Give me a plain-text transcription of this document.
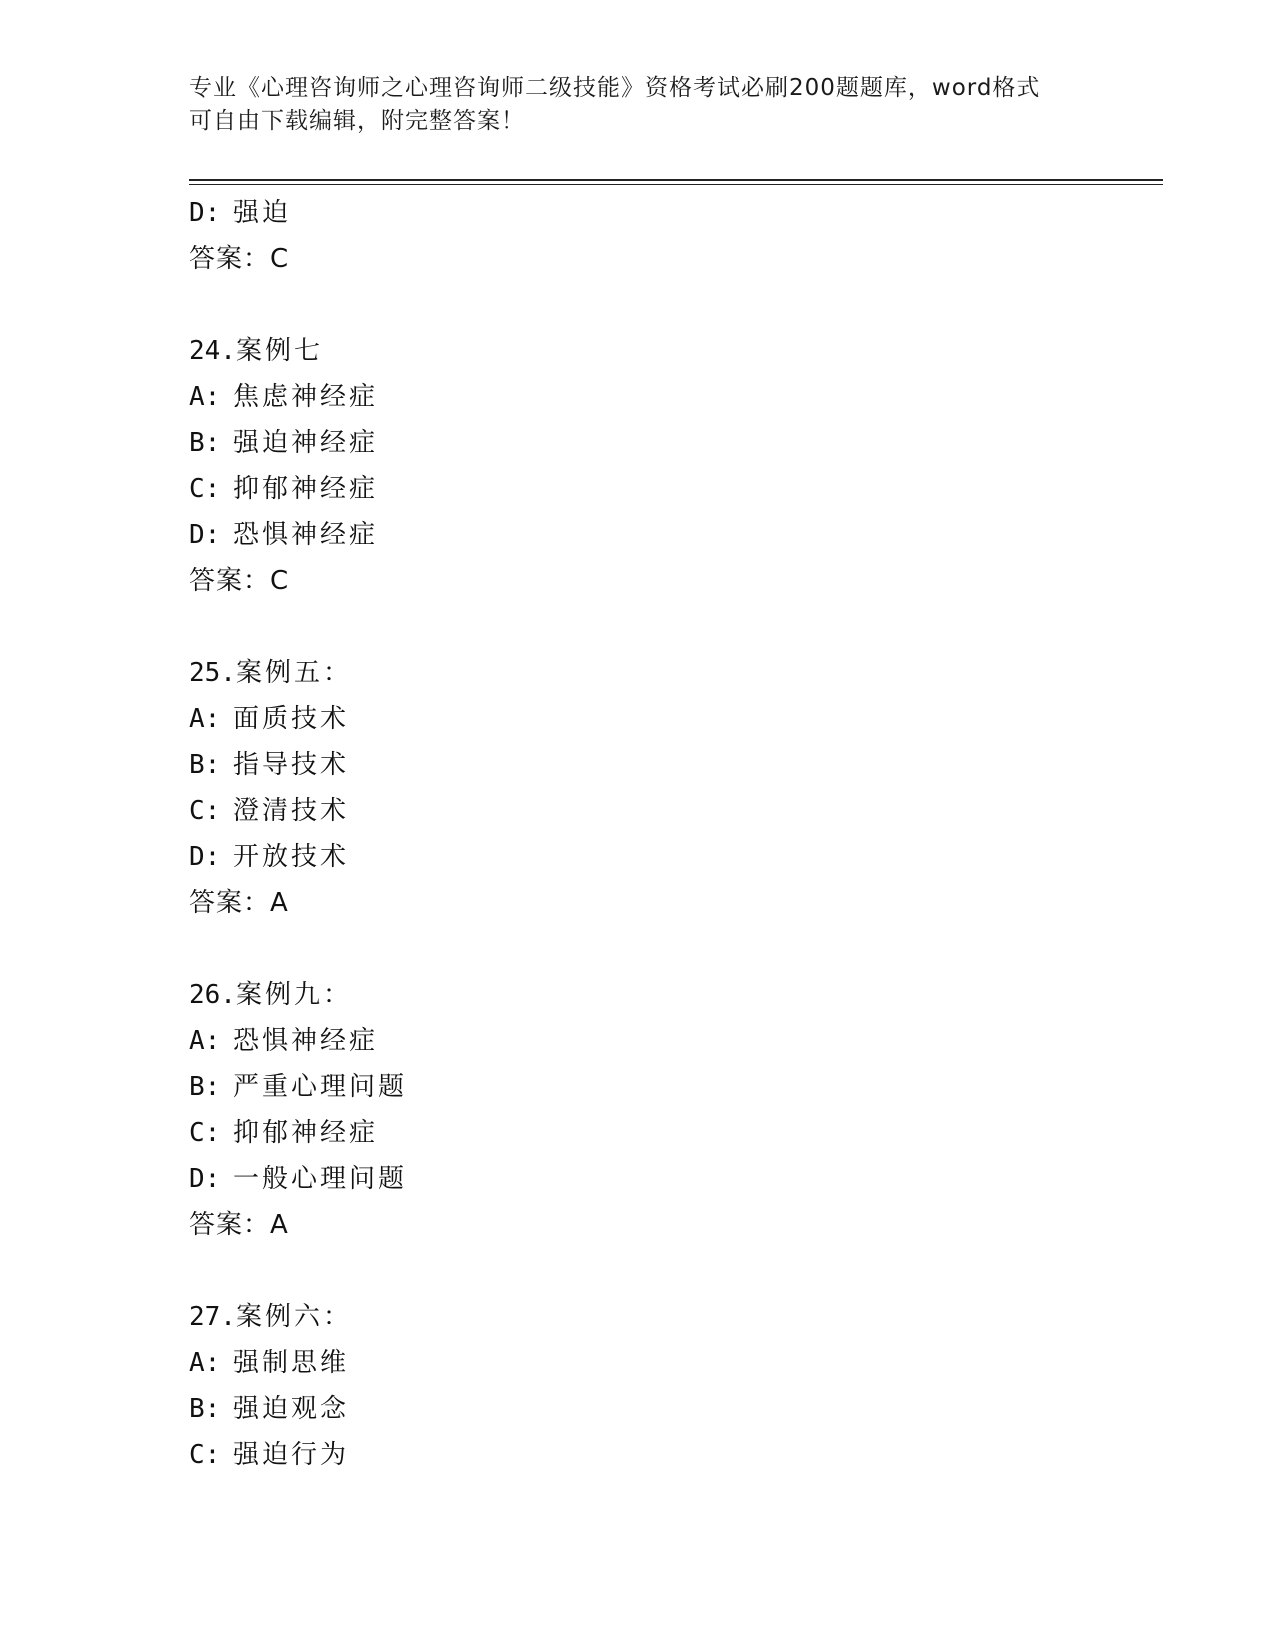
专业《心理咨询师之心理咨询师二级技能》资格考试必刷200题题库，word格式
可自由下载编辑，附完整答案！
D: 强迫
答案：C
24.案例七
A: 焦虑神经症
B: 强迫神经症
C: 抑郁神经症
D: 恐惧神经症
答案：C
25.案例五：
A: 面质技术
B: 指导技术
C: 澄清技术
D: 开放技术
答案：A
26.案例九：
A: 恐惧神经症
B: 严重心理问题
C: 抑郁神经症
D: 一般心理问题
答案：A
27.案例六：
A: 强制思维
B: 强迫观念
C: 强迫行为
